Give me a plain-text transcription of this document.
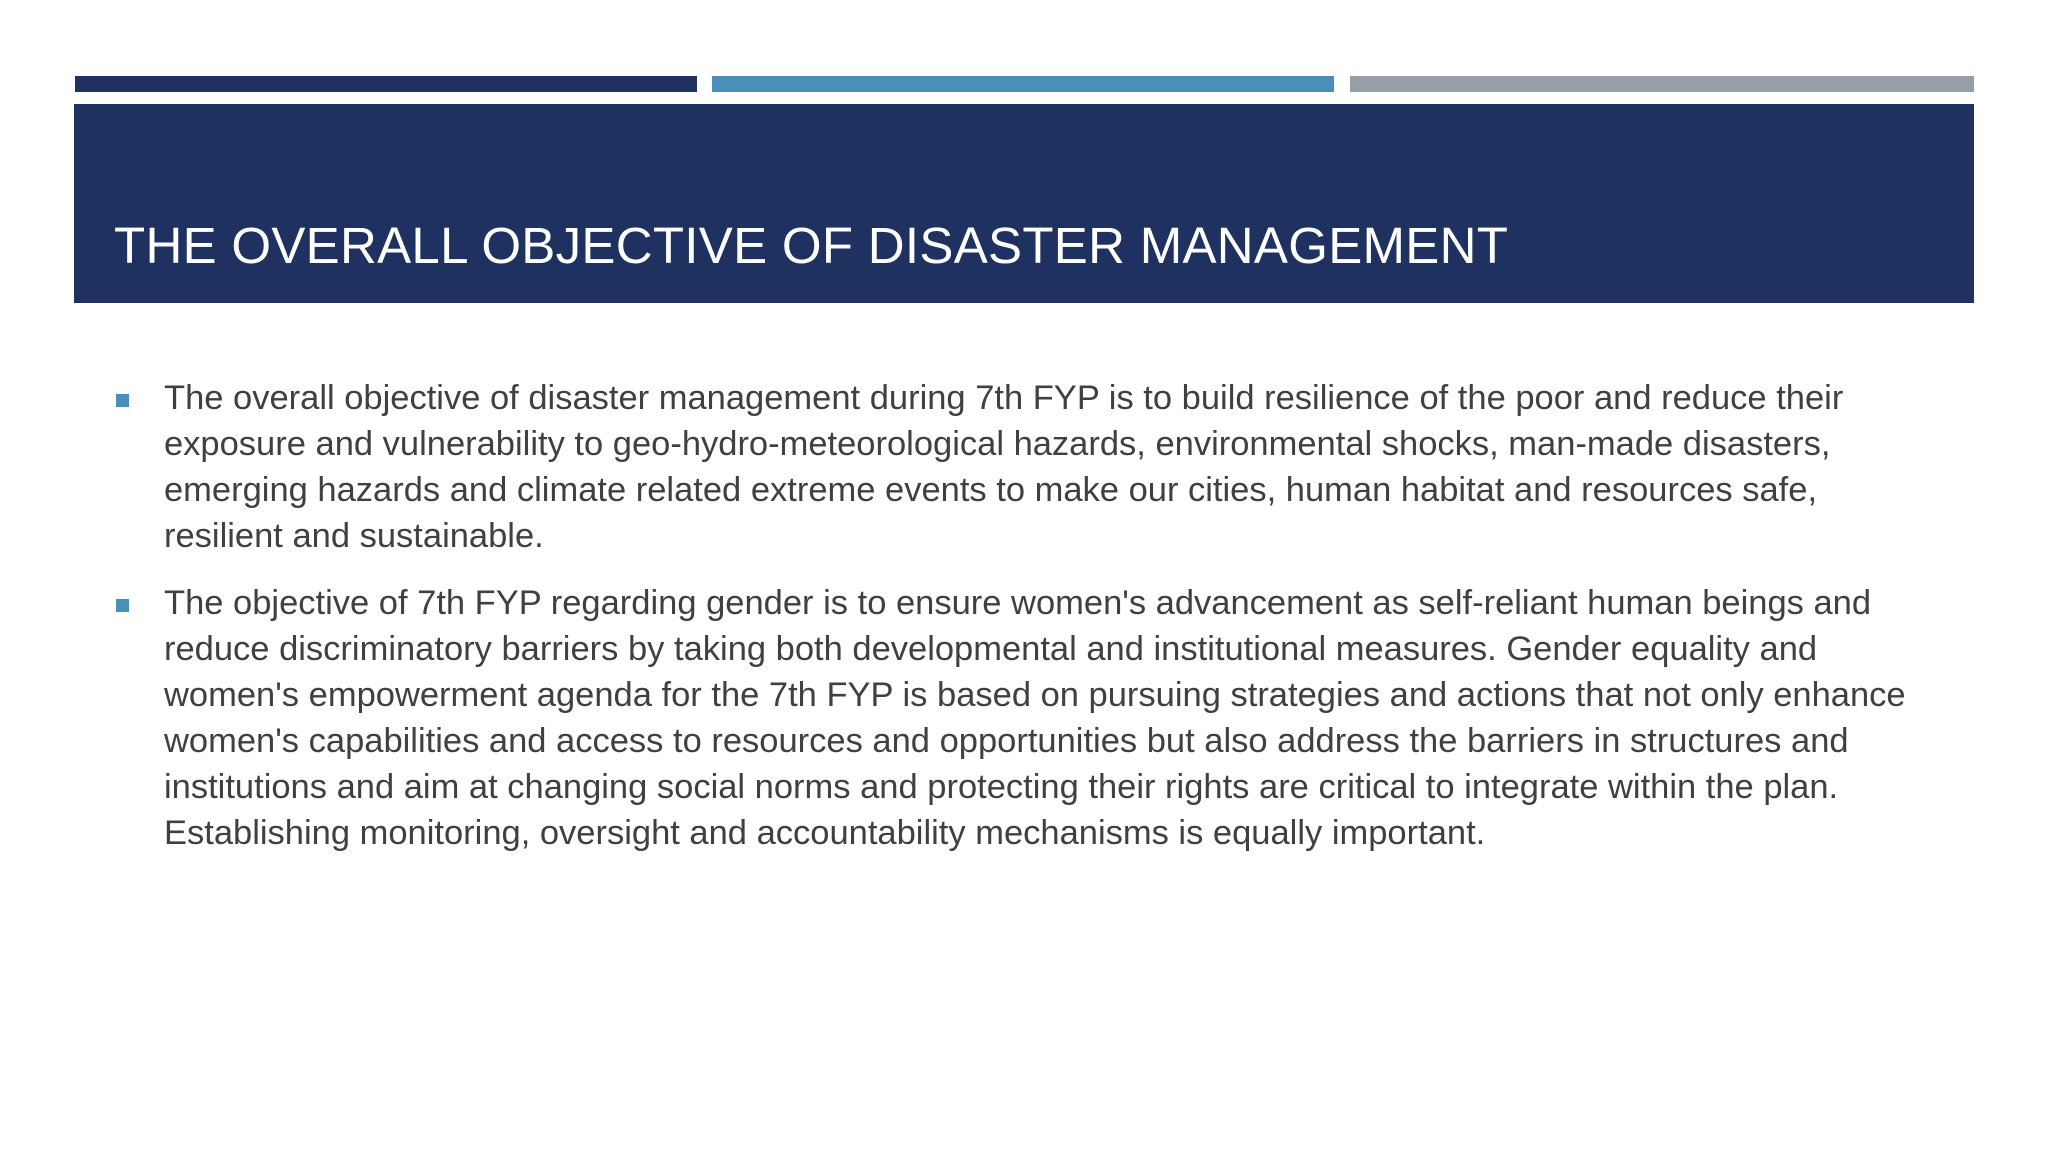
THE OVERALL OBJECTIVE OF DISASTER MANAGEMENT
The overall objective of disaster management during 7th FYP is to build resilience of the poor and reduce their exposure and vulnerability to geo-hydro-meteorological hazards, environmental shocks, man-made disasters, emerging hazards and climate related extreme events to make our cities, human habitat and resources safe, resilient and sustainable.
The objective of 7th FYP regarding gender is to ensure women's advancement as self-reliant human beings and reduce discriminatory barriers by taking both developmental and institutional measures. Gender equality and women's empowerment agenda for the 7th FYP is based on pursuing strategies and actions that not only enhance women's capabilities and access to resources and opportunities but also address the barriers in structures and institutions and aim at changing social norms and protecting their rights are critical to integrate within the plan. Establishing monitoring, oversight and accountability mechanisms is equally important.
